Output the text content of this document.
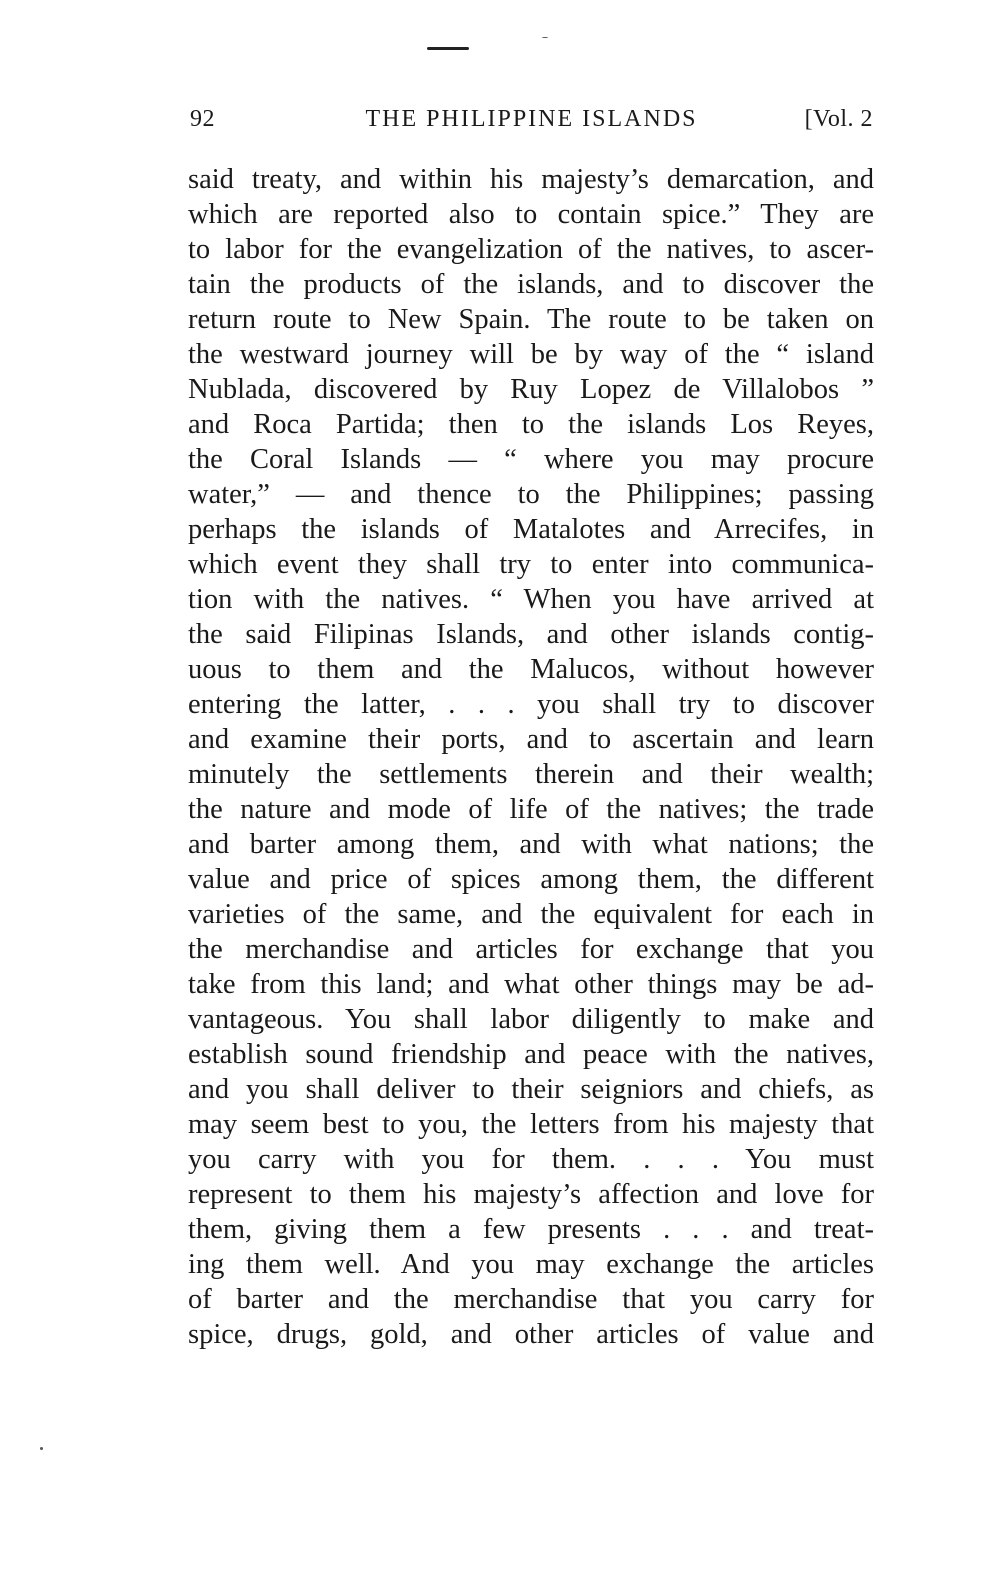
92	THE PHILIPPINE ISLANDS	[Vol. 2
said treaty, and within his majesty’s demarcation, and
which are reported also to contain spice.” They are
to labor for the evangelization of the natives, to ascer-
tain the products of the islands, and to discover the
return route to New Spain. The route to be taken on
the westward journey will be by way of the “ island
Nublada, discovered by Ruy Lopez de Villalobos ”
and Roca Partida; then to the islands Los Reyes,
the Coral Islands — “ where you may procure
water,” — and thence to the Philippines; passing
perhaps the islands of Matalotes and Arrecifes, in
which event they shall try to enter into communica-
tion with the natives. “ When you have arrived at
the said Filipinas Islands, and other islands contig-
uous to them and the Malucos, without however
entering the latter, . . . you shall try to discover
and examine their ports, and to ascertain and learn
minutely the settlements therein and their wealth;
the nature and mode of life of the natives; the trade
and barter among them, and with what nations; the
value and price of spices among them, the different
varieties of the same, and the equivalent for each in
the merchandise and articles for exchange that you
take from this land; and what other things may be ad-
vantageous. You shall labor diligently to make and
establish sound friendship and peace with the natives,
and you shall deliver to their seigniors and chiefs, as
may seem best to you, the letters from his majesty that
you carry with you for them. . . . You must
represent to them his majesty’s affection and love for
them, giving them a few presents . . . and treat-
ing them well. And you may exchange the articles
of barter and the merchandise that you carry for
spice, drugs, gold, and other articles of value and
